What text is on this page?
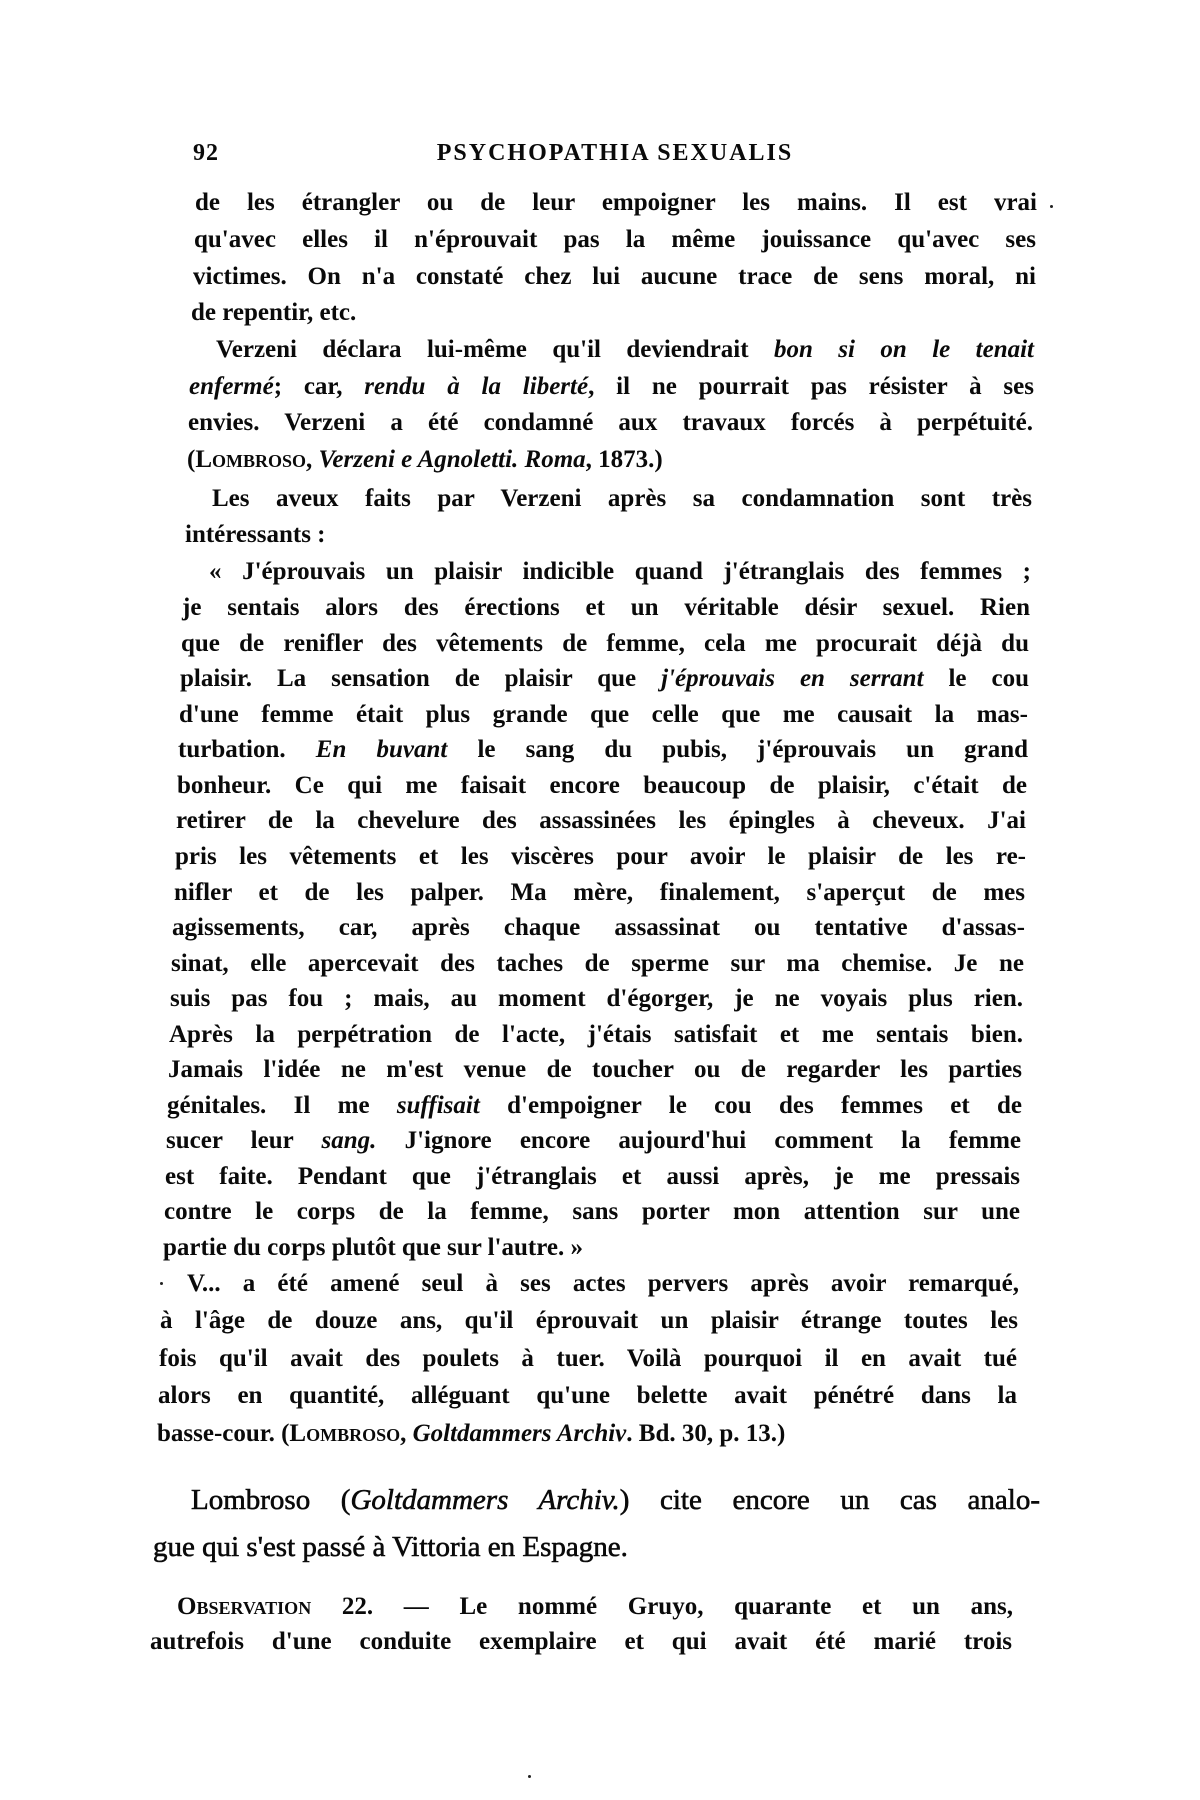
92	PSYCHOPATHIA SEXUALIS
de les étrangler ou de leur empoigner les mains. Il est vrai
qu'avec elles il n'éprouvait pas la même jouissance qu'avec ses
victimes. On n'a constaté chez lui aucune trace de sens moral, ni
de repentir, etc.
Verzeni déclara lui-même qu'il deviendrait bon si on le tenait
enfermé; car, rendu à la liberté, il ne pourrait pas résister à ses
envies. Verzeni a été condamné aux travaux forcés à perpétuité.
(Lombroso, Verzeni e Agnoletti. Roma, 1873.)
Les aveux faits par Verzeni après sa condamnation sont très
intéressants :
« J'éprouvais un plaisir indicible quand j'étranglais des femmes ;
je sentais alors des érections et un véritable désir sexuel. Rien
que de renifler des vêtements de femme, cela me procurait déjà du
plaisir. La sensation de plaisir que j'éprouvais en serrant le cou
d'une femme était plus grande que celle que me causait la mas-
turbation. En buvant le sang du pubis, j'éprouvais un grand
bonheur. Ce qui me faisait encore beaucoup de plaisir, c'était de
retirer de la chevelure des assassinées les épingles à cheveux. J'ai
pris les vêtements et les viscères pour avoir le plaisir de les re-
nifler et de les palper. Ma mère, finalement, s'aperçut de mes
agissements, car, après chaque assassinat ou tentative d'assas-
sinat, elle apercevait des taches de sperme sur ma chemise. Je ne
suis pas fou ; mais, au moment d'égorger, je ne voyais plus rien.
Après la perpétration de l'acte, j'étais satisfait et me sentais bien.
Jamais l'idée ne m'est venue de toucher ou de regarder les parties
génitales. Il me suffisait d'empoigner le cou des femmes et de
sucer leur sang. J'ignore encore aujourd'hui comment la femme
est faite. Pendant que j'étranglais et aussi après, je me pressais
contre le corps de la femme, sans porter mon attention sur une
partie du corps plutôt que sur l'autre. »
V... a été amené seul à ses actes pervers après avoir remarqué,
à l'âge de douze ans, qu'il éprouvait un plaisir étrange toutes les
fois qu'il avait des poulets à tuer. Voilà pourquoi il en avait tué
alors en quantité, alléguant qu'une belette avait pénétré dans la
basse-cour. (Lombroso, Goltdammers Archiv. Bd. 30, p. 13.)
Lombroso (Goltdammers Archiv.) cite encore un cas analo-
gue qui s'est passé à Vittoria en Espagne.
Observation 22. — Le nommé Gruyo, quarante et un ans,
autrefois d'une conduite exemplaire et qui avait été marié trois
